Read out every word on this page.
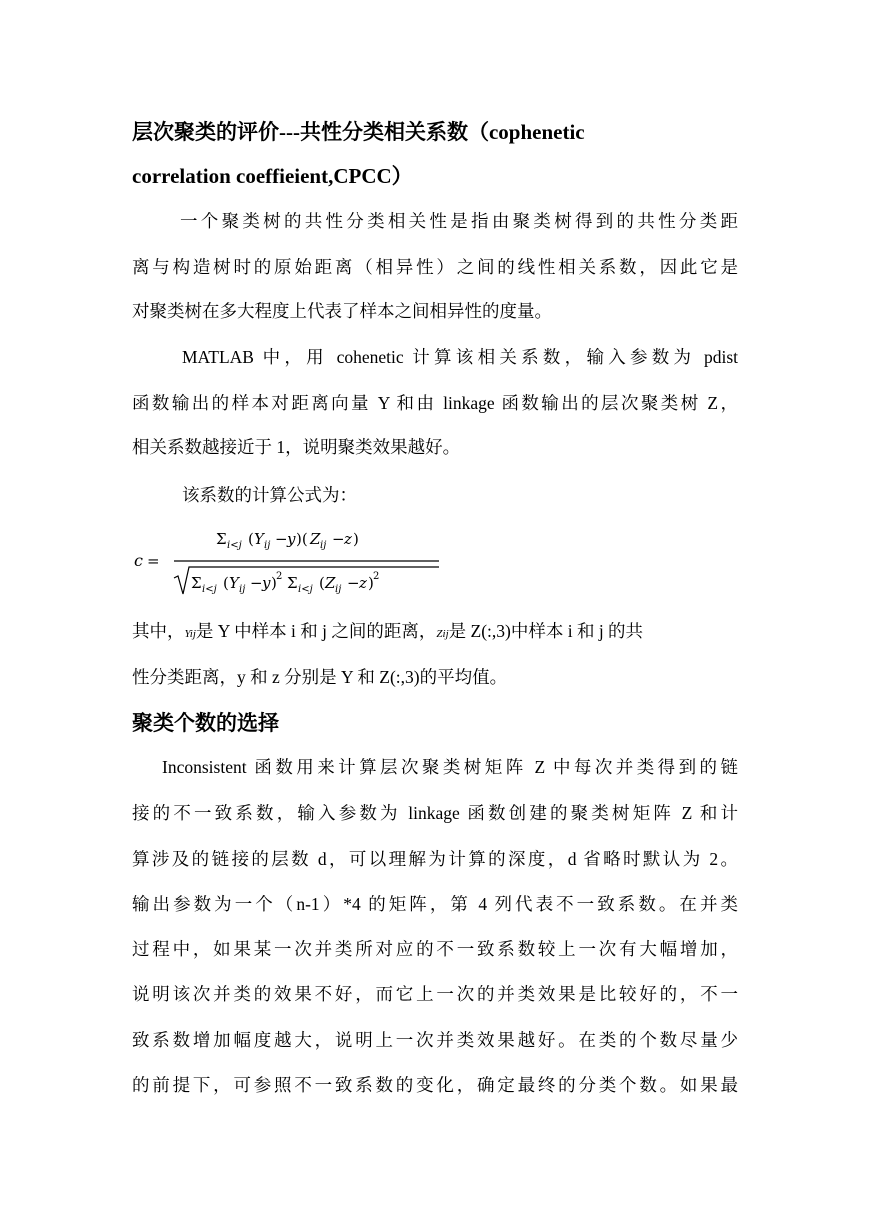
层次聚类的评价---共性分类相关系数（cophenetic
correlation coeffieient,CPCC）
一个聚类树的共性分类相关性是指由聚类树得到的共性分类距
离与构造树时的原始距离（相异性）之间的线性相关系数，因此它是
对聚类树在多大程度上代表了样本之间相异性的度量。
MATLAB 中，用 cohenetic 计算该相关系数，输入参数为 pdist
函数输出的样本对距离向量 Y 和由 linkage 函数输出的层次聚类树 Z，
相关系数越接近于 1，说明聚类效果越好。
该系数的计算公式为：
c =
Σ i<j ( Y ij − y )( Z ij − z )
Σ i<j ( Y ij − y ) 2 Σ i<j ( Z ij − z ) 2
其中，Yij是 Y 中样本 i 和 j 之间的距离，Zij是 Z(:,3)中样本 i 和 j 的共
性分类距离，y 和 z 分别是 Y 和 Z(:,3)的平均值。
聚类个数的选择
Inconsistent 函数用来计算层次聚类树矩阵 Z 中每次并类得到的链
接的不一致系数，输入参数为 linkage 函数创建的聚类树矩阵 Z 和计
算涉及的链接的层数 d，可以理解为计算的深度，d 省略时默认为 2。
输出参数为一个（n-1）*4 的矩阵，第 4 列代表不一致系数。在并类
过程中，如果某一次并类所对应的不一致系数较上一次有大幅增加，
说明该次并类的效果不好，而它上一次的并类效果是比较好的，不一
致系数增加幅度越大，说明上一次并类效果越好。在类的个数尽量少
的前提下，可参照不一致系数的变化，确定最终的分类个数。如果最
